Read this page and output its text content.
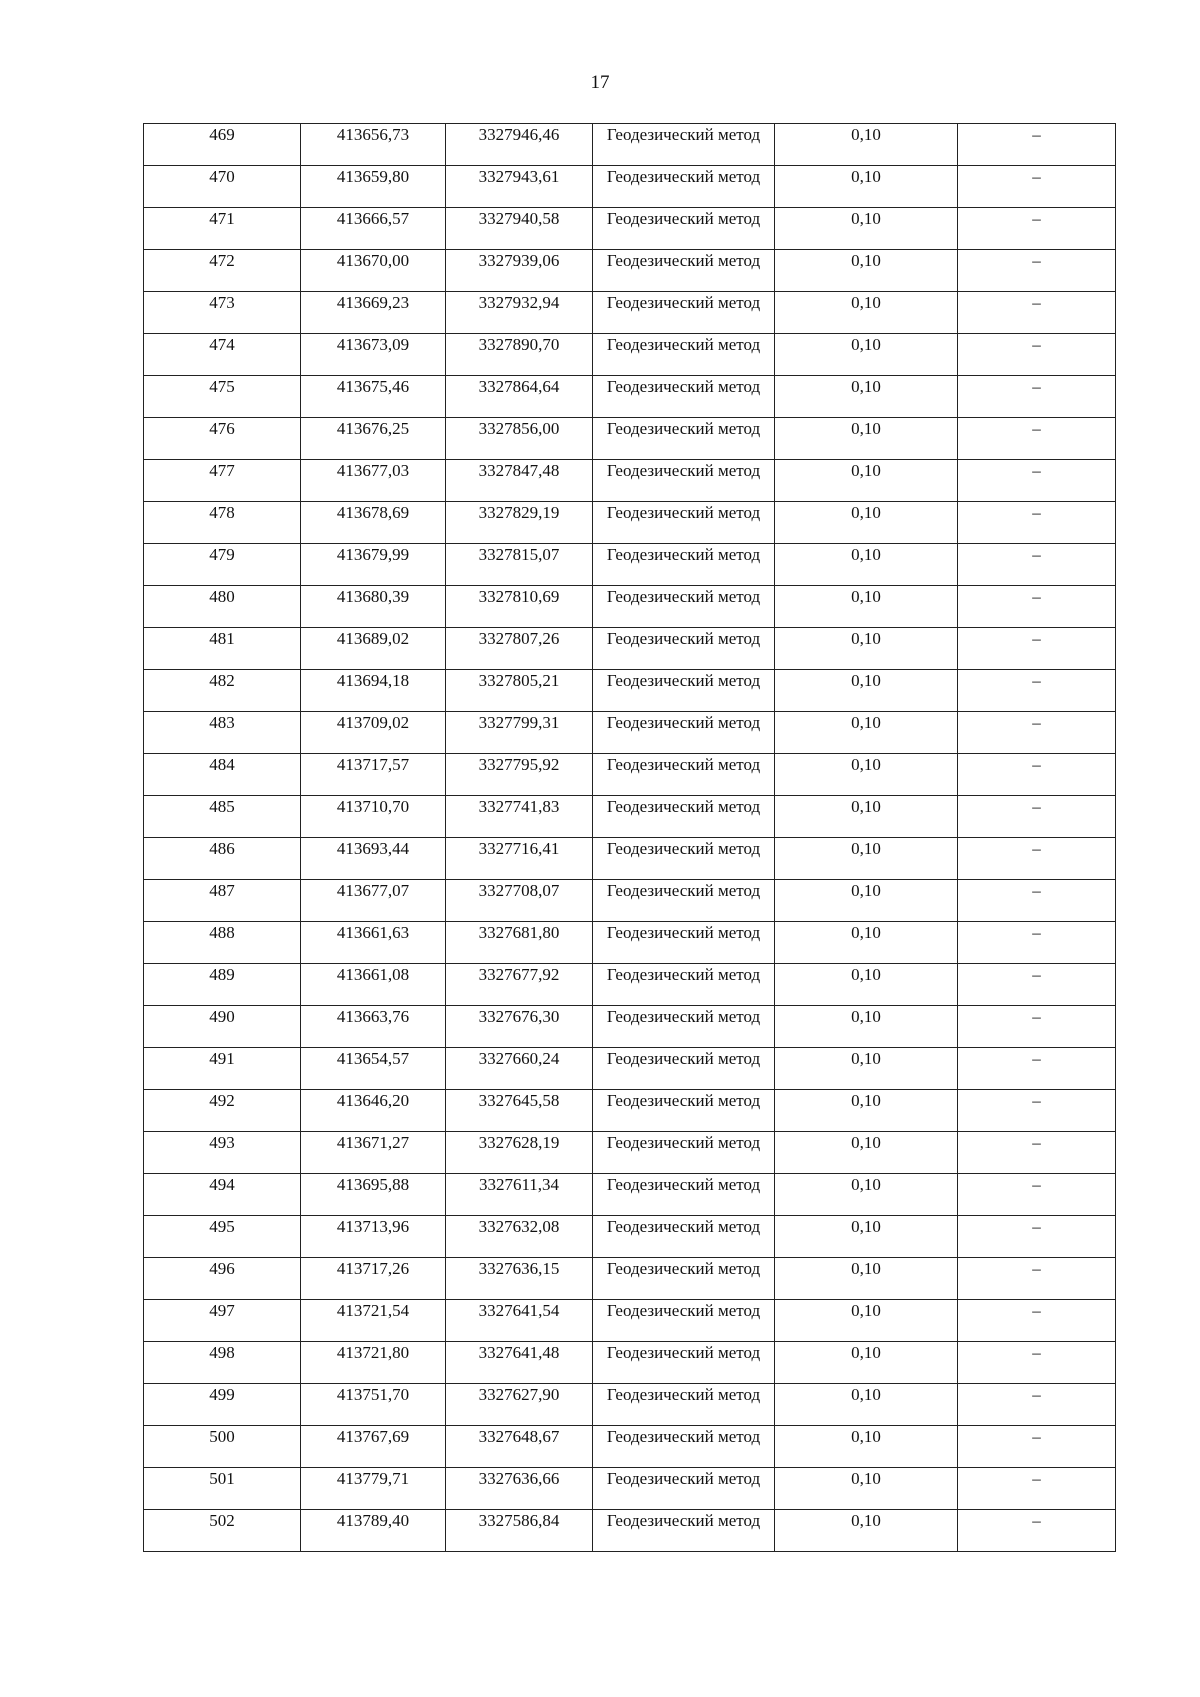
17
469	413656,73	3327946,46	Геодезический метод	0,10	–

470	413659,80	3327943,61	Геодезический метод	0,10	–

471	413666,57	3327940,58	Геодезический метод	0,10	–

472	413670,00	3327939,06	Геодезический метод	0,10	–

473	413669,23	3327932,94	Геодезический метод	0,10	–

474	413673,09	3327890,70	Геодезический метод	0,10	–

475	413675,46	3327864,64	Геодезический метод	0,10	–

476	413676,25	3327856,00	Геодезический метод	0,10	–

477	413677,03	3327847,48	Геодезический метод	0,10	–

478	413678,69	3327829,19	Геодезический метод	0,10	–

479	413679,99	3327815,07	Геодезический метод	0,10	–

480	413680,39	3327810,69	Геодезический метод	0,10	–

481	413689,02	3327807,26	Геодезический метод	0,10	–

482	413694,18	3327805,21	Геодезический метод	0,10	–

483	413709,02	3327799,31	Геодезический метод	0,10	–

484	413717,57	3327795,92	Геодезический метод	0,10	–

485	413710,70	3327741,83	Геодезический метод	0,10	–

486	413693,44	3327716,41	Геодезический метод	0,10	–

487	413677,07	3327708,07	Геодезический метод	0,10	–

488	413661,63	3327681,80	Геодезический метод	0,10	–

489	413661,08	3327677,92	Геодезический метод	0,10	–

490	413663,76	3327676,30	Геодезический метод	0,10	–

491	413654,57	3327660,24	Геодезический метод	0,10	–

492	413646,20	3327645,58	Геодезический метод	0,10	–

493	413671,27	3327628,19	Геодезический метод	0,10	–

494	413695,88	3327611,34	Геодезический метод	0,10	–

495	413713,96	3327632,08	Геодезический метод	0,10	–

496	413717,26	3327636,15	Геодезический метод	0,10	–

497	413721,54	3327641,54	Геодезический метод	0,10	–

498	413721,80	3327641,48	Геодезический метод	0,10	–

499	413751,70	3327627,90	Геодезический метод	0,10	–

500	413767,69	3327648,67	Геодезический метод	0,10	–

501	413779,71	3327636,66	Геодезический метод	0,10	–

502	413789,40	3327586,84	Геодезический метод	0,10	–
